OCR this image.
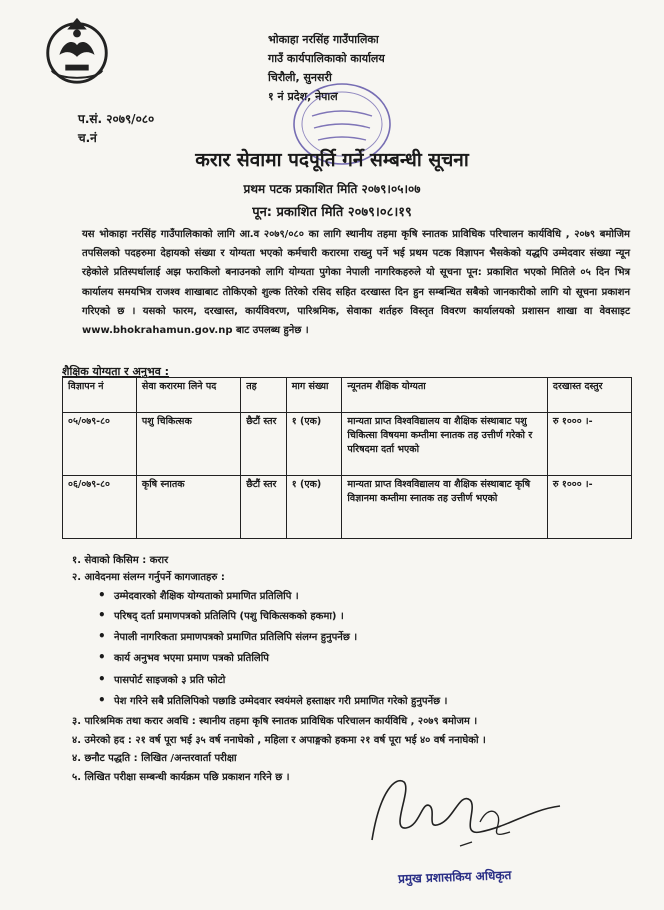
भोकाहा नरसिंह गाउँपालिका
गाउँ कार्यपालिकाको कार्यालय
चिरौली, सुनसरी
१ नं प्रदेश, नेपाल
प.सं. २०७९/०८०
च.नं
करार सेवामा पदपूर्ति गर्ने सम्बन्धी सूचना
प्रथम पटक प्रकाशित मिति २०७९।०५।०७
पून: प्रकाशित मिति २०७९।०८।१९
यस भोकाहा नरसिंह गाउँपालिकाको लागि आ.व २०७९/०८० का लागि स्थानीय तहमा कृषि स्नातक प्राविधिक परिचालन कार्यविधि , २०७९ बमोजिम तपसिलको पदहरुमा देहायको संख्या र योग्यता भएको कर्मचारी करारमा राख्नु पर्ने भई प्रथम पटक विज्ञापन भैसकेको यद्धपि उम्मेदवार संख्या न्यून रहेकोले प्रतिस्पर्धालाई अझ फराकिलो बनाउनको लागि योग्यता पुगेका नेपाली नागरिकहरुले यो सूचना पून: प्रकाशित भएको मितिले ०५ दिन भित्र कार्यालय समयभित्र राजश्व शाखाबाट तोकिएको शुल्क तिरेको रसिद सहित दरखास्त दिन हुन सम्बन्धित सबैको जानकारीको लागि यो सूचना प्रकाशन गरिएको छ । यसको फारम, दरखास्त, कार्यविवरण, पारिश्रमिक, सेवाका शर्तहरु विस्तृत विवरण कार्यालयको प्रशासन शाखा वा वेवसाइट www.bhokrahamun.gov.np बाट उपलब्ध हुनेछ ।
शैक्षिक योग्यता र अनुभव :
विज्ञापन नं	सेवा करारमा लिने पद	तह	माग संख्या	न्यूनतम शैक्षिक योग्यता	दरखास्त दस्तुर
०५/०७९-८०	पशु चिकित्सक	छैटौं स्तर	१ (एक)	मान्यता प्राप्त विश्वविद्यालय वा शैक्षिक संस्थाबाट पशु चिकित्सा विषयमा कम्तीमा स्नातक तह उत्तीर्ण गरेको र परिषदमा दर्ता भएको	रु १००० ।-
०६/०७९-८०	कृषि स्नातक	छैटौं स्तर	१ (एक)	मान्यता प्राप्त विश्वविद्यालय वा शैक्षिक संस्थाबाट कृषि विज्ञानमा कम्तीमा स्नातक तह उत्तीर्ण भएको	रु १००० ।-
१. सेवाको किसिम : करार
२. आवेदनमा संलग्न गर्नुपर्ने कागजातहरु :
• उम्मेदवारको शैक्षिक योग्यताको प्रमाणित प्रतिलिपि ।
• परिषद् दर्ता प्रमाणपत्रको प्रतिलिपि (पशु चिकित्सकको हकमा) ।
• नेपाली नागरिकता प्रमाणपत्रको प्रमाणित प्रतिलिपि संलग्न हुनुपर्नेछ ।
• कार्य अनुभव भएमा प्रमाण पत्रको प्रतिलिपि
• पासपोर्ट साइजको ३ प्रति फोटो
• पेश गरिने सबै प्रतिलिपिको पछाडि उम्मेदवार स्वयंमले हस्ताक्षर गरी प्रमाणित गरेको हुनुपर्नेछ ।
३. पारिश्रमिक तथा करार अवधि : स्थानीय तहमा कृषि स्नातक प्राविधिक परिचालन कार्यविधि , २०७९ बमोजम ।
४. उमेरको हद : २१ वर्ष पूरा भई ३५ वर्ष ननाघेको , महिला र अपाङ्गको हकमा २१ वर्ष पूरा भई ४० वर्ष ननाघेको ।
४. छनौट पद्धति : लिखित /अन्तरवार्ता परीक्षा
५. लिखित परीक्षा सम्बन्धी कार्यक्रम पछि प्रकाशन गरिने छ ।
प्रमुख प्रशासकिय अधिकृत
